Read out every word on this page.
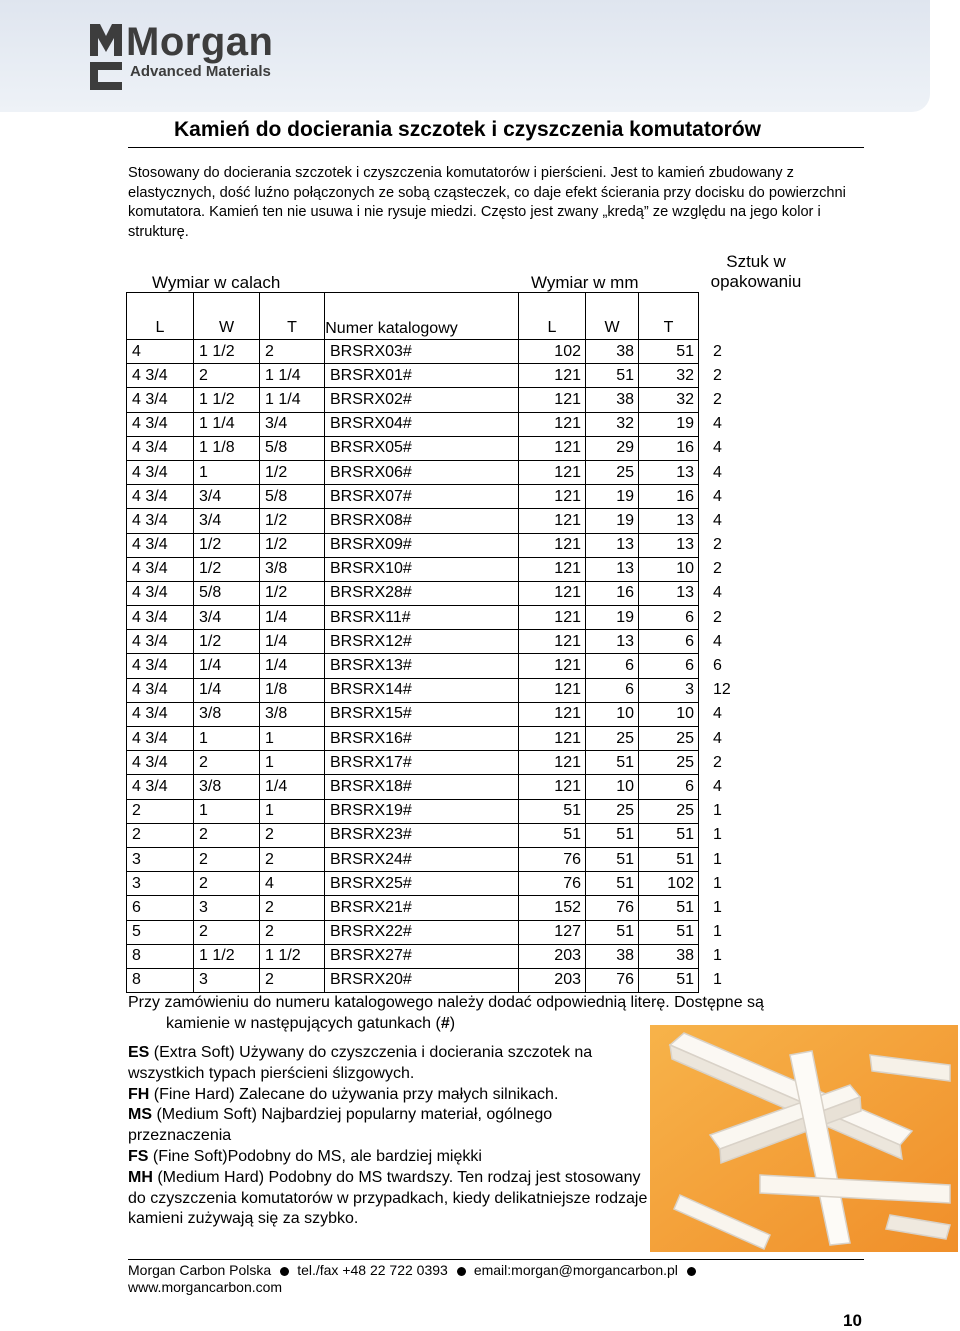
Morgan
Advanced Materials
Kamień do docierania szczotek i czyszczenia komutatorów
Stosowany do docierania szczotek i czyszczenia komutatorów i pierścieni. Jest to kamień zbudowany z elastycznych, dość luźno połączonych ze sobą cząsteczek, co daje efekt ścierania przy docisku do powierzchni komutatora. Kamień ten nie usuwa i nie rysuje miedzi. Często jest zwany „kredą” ze względu na jego kolor i strukturę.
Wymiar w calach	Wymiar w mm
Sztuk w opakowaniu
L	W	T	Numer katalogowy	L	W	T	
4	1 1/2	2	BRSRX03#	102	38	51	2
4 3/4	2	1 1/4	BRSRX01#	121	51	32	2
4 3/4	1 1/2	1 1/4	BRSRX02#	121	38	32	2
4 3/4	1 1/4	3/4	BRSRX04#	121	32	19	4
4 3/4	1 1/8	5/8	BRSRX05#	121	29	16	4
4 3/4	1	1/2	BRSRX06#	121	25	13	4
4 3/4	3/4	5/8	BRSRX07#	121	19	16	4
4 3/4	3/4	1/2	BRSRX08#	121	19	13	4
4 3/4	1/2	1/2	BRSRX09#	121	13	13	2
4 3/4	1/2	3/8	BRSRX10#	121	13	10	2
4 3/4	5/8	1/2	BRSRX28#	121	16	13	4
4 3/4	3/4	1/4	BRSRX11#	121	19	6	2
4 3/4	1/2	1/4	BRSRX12#	121	13	6	4
4 3/4	1/4	1/4	BRSRX13#	121	6	6	6
4 3/4	1/4	1/8	BRSRX14#	121	6	3	12
4 3/4	3/8	3/8	BRSRX15#	121	10	10	4
4 3/4	1	1	BRSRX16#	121	25	25	4
4 3/4	2	1	BRSRX17#	121	51	25	2
4 3/4	3/8	1/4	BRSRX18#	121	10	6	4
2	1	1	BRSRX19#	51	25	25	1
2	2	2	BRSRX23#	51	51	51	1
3	2	2	BRSRX24#	76	51	51	1
3	2	4	BRSRX25#	76	51	102	1
6	3	2	BRSRX21#	152	76	51	1
5	2	2	BRSRX22#	127	51	51	1
8	1 1/2	1 1/2	BRSRX27#	203	38	38	1
8	3	2	BRSRX20#	203	76	51	1
Przy zamówieniu do numeru katalogowego należy dodać odpowiednią literę. Dostępne są
kamienie w następujących gatunkach (#)
ES (Extra Soft) Używany do czyszczenia i docierania szczotek na wszystkich typach pierścieni ślizgowych.
FH (Fine Hard) Zalecane do używania przy małych silnikach.
MS (Medium Soft) Najbardziej popularny materiał, ogólnego przeznaczenia
FS (Fine Soft)Podobny do MS, ale bardziej miękki
MH (Medium Hard) Podobny do MS twardszy. Ten rodzaj jest stosowany do czyszczenia komutatorów w przypadkach, kiedy delikatniejsze rodzaje kamieni zużywają się za szybko.
Morgan Carbon Polska tel./fax +48 22 722 0393 email:morgan@morgancarbon.pl
www.morgancarbon.com
10
